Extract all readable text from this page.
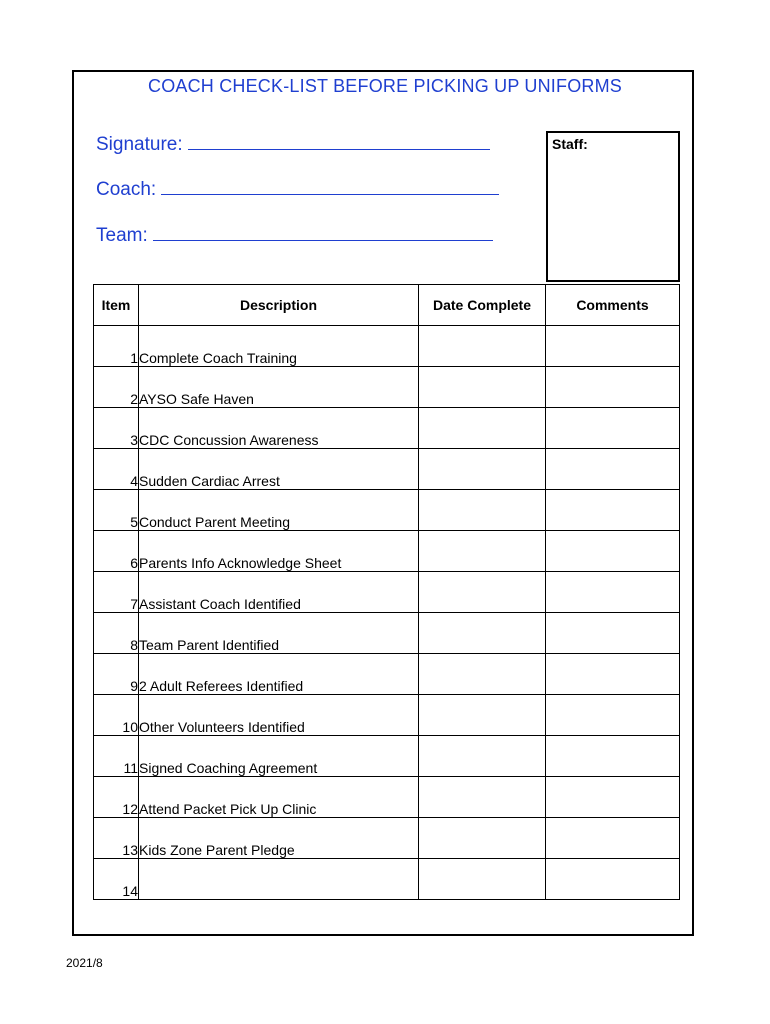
COACH CHECK-LIST BEFORE PICKING UP UNIFORMS
Signature:
Coach:
Team:
Staff:
Item	Description	Date Complete	Comments
1	Complete Coach Training		
2	AYSO Safe Haven		
3	CDC Concussion Awareness		
4	Sudden Cardiac Arrest		
5	Conduct Parent Meeting		
6	Parents Info Acknowledge Sheet		
7	Assistant Coach Identified		
8	Team Parent Identified		
9	2 Adult Referees Identified		
10	Other Volunteers Identified		
11	Signed Coaching Agreement		
12	Attend Packet Pick Up Clinic		
13	Kids Zone Parent Pledge		
14			
2021/8
